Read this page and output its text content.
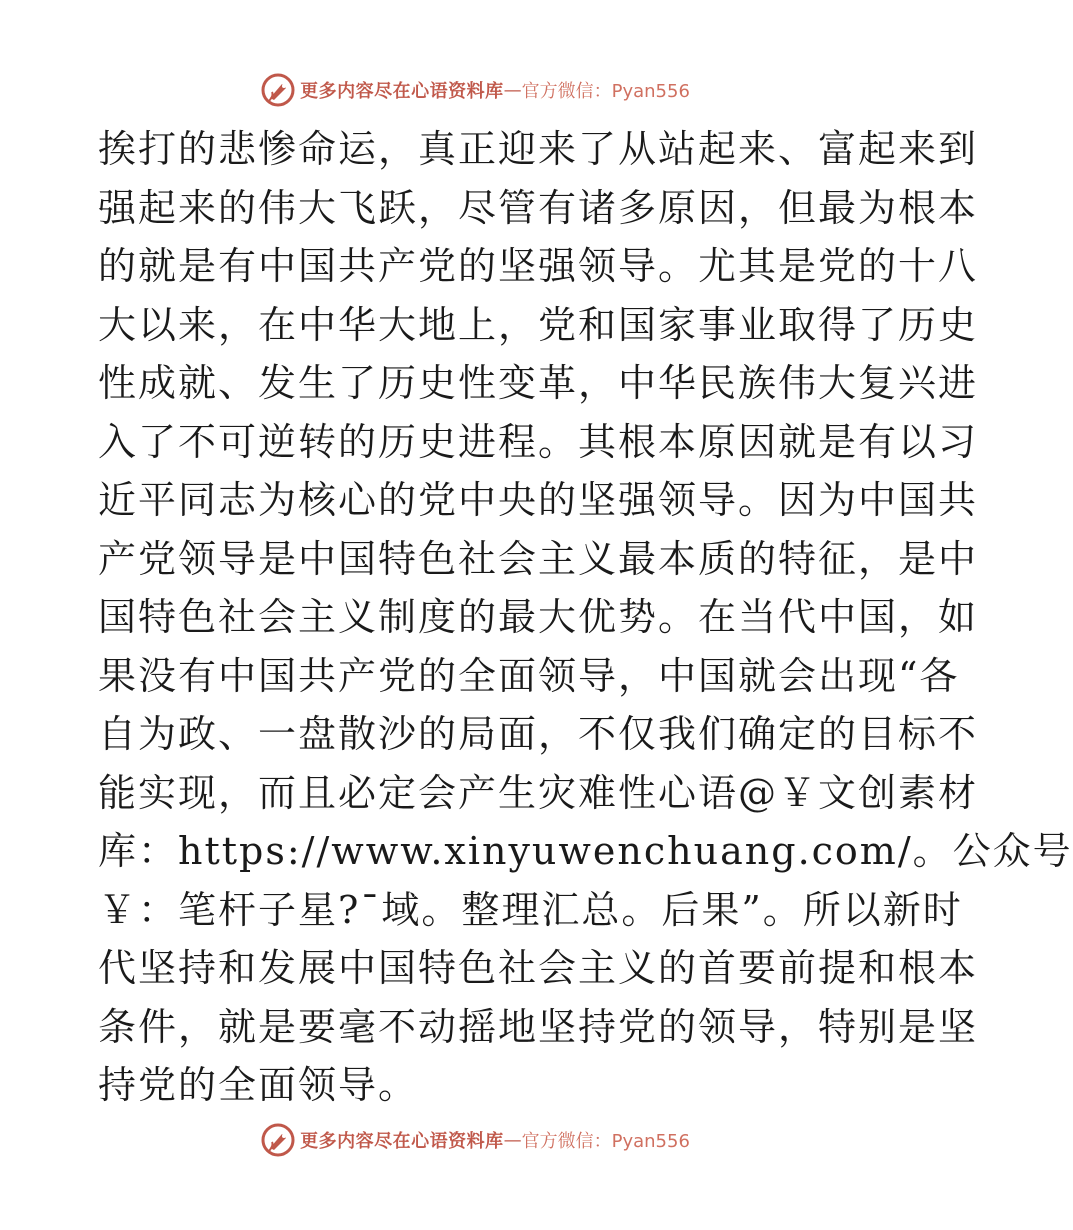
更多内容尽在心语资料库 — 官方微信：Pyan556
挨打的悲惨命运，真正迎来了从站起来、富起来到
强起来的伟大飞跃，尽管有诸多原因，但最为根本
的就是有中国共产党的坚强领导。尤其是党的十八
大以来，在中华大地上，党和国家事业取得了历史
性成就、发生了历史性变革，中华民族伟大复兴进
入了不可逆转的历史进程。其根本原因就是有以习
近平同志为核心的党中央的坚强领导。因为中国共
产党领导是中国特色社会主义最本质的特征，是中
国特色社会主义制度的最大优势。在当代中国，如
果没有中国共产党的全面领导，中国就会出现“各
自为政、一盘散沙的局面，不仅我们确定的目标不
能实现，而且必定会产生灾难性心语@￥文创素材
库：https://www.xinyuwenchuang.com/。公众号
￥：笔杆子星?¯域。整理汇总。后果”。所以新时
代坚持和发展中国特色社会主义的首要前提和根本
条件，就是要毫不动摇地坚持党的领导，特别是坚
持党的全面领导。
更多内容尽在心语资料库 — 官方微信：Pyan556
